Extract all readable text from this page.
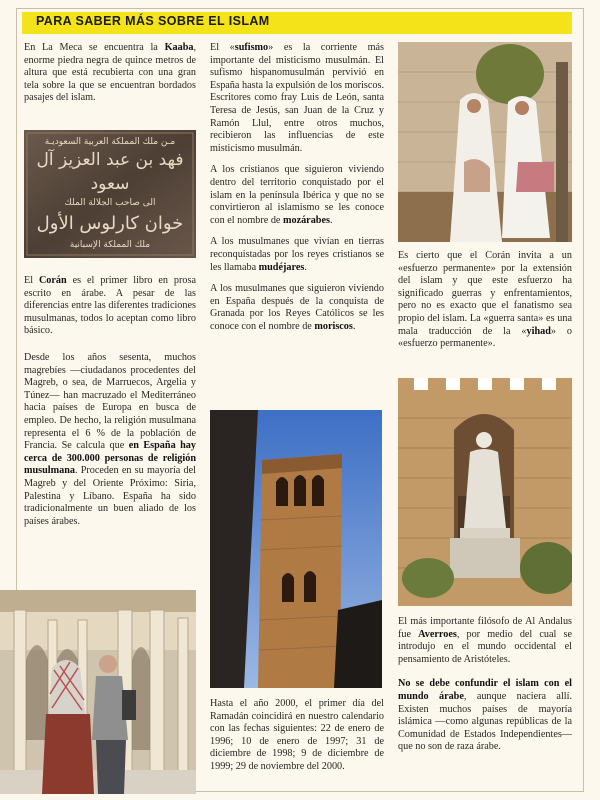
PARA SABER MÁS SOBRE EL ISLAM

En La Meca se encuentra la Kaaba, enorme piedra negra de quince metros de altura que está recubierta con una gran tela sobre la que se encuentran bordados pasajes del islam.

مـن ملك المملكة العربية السعوديـة
فهد بن عبد العزيز آل سعود
الى صاحب الجلالة الملك
خوان كارلوس الأول
ملك المملكة الإسبانية

El Corán es el primer libro en prosa escrito en árabe. A pesar de las diferencias entre las diferentes tradiciones musulmanas, todos lo aceptan como libro básico.

Desde los años sesenta, muchos magrebíes —ciudadanos procedentes del Magreb, o sea, de Marruecos, Argelia y Túnez— han macruzado el Mediterráneo hacia países de Europa en busca de empleo. De hecho, la religión musulmana representa el 6 % de la población de Francia. Se calcula que en España hay cerca de 300.000 personas de religión musulmana. Proceden en su mayoría del Magreb y del Oriente Próximo: Siria, Palestina y Líbano. España ha sido tradicionalmente un buen aliado de los países árabes.

El «sufismo» es la corriente más importante del misticismo musulmán. El sufismo hispanomusulmán pervivió en España hasta la expulsión de los moriscos. Escritores como fray Luis de León, santa Teresa de Jesús, san Juan de la Cruz y Ramón Llul, entre otros muchos, recibieron las influencias de este misticismo musulmán.

A los cristianos que siguieron viviendo dentro del territorio conquistado por el islam en la península Ibérica y que no se convirtieron al islamismo se les conoce con el nombre de mozárabes.

A los musulmanes que vivían en tierras reconquistadas por los reyes cristianos se les llamaba mudéjares.

A los musulmanes que siguieron viviendo en España después de la conquista de Granada por los Reyes Católicos se les conoce con el nombre de moriscos.

Hasta el año 2000, el primer día del Ramadán coincidirá en nuestro calendario con las fechas siguientes: 22 de enero de 1996; 10 de enero de 1997; 31 de diciembre de 1998; 9 de diciembre de 1999; 29 de noviembre del 2000.

Es cierto que el Corán invita a un «esfuerzo permanente» por la extensión del islam y que este esfuerzo ha significado guerras y enfrentamientos, pero no es exacto que el fanatismo sea propio del islam. La «guerra santa» es una mala traducción de la «yihad» o «esfuerzo permanente».

El más importante filósofo de Al Andalus fue Averroes, por medio del cual se introdujo en el mundo occidental el pensamiento de Aristóteles.

No se debe confundir el islam con el mundo árabe, aunque naciera allí. Existen muchos países de mayoría islámica —como algunas repúblicas de la Comunidad de Estados Independientes— que no son de raza árabe.
